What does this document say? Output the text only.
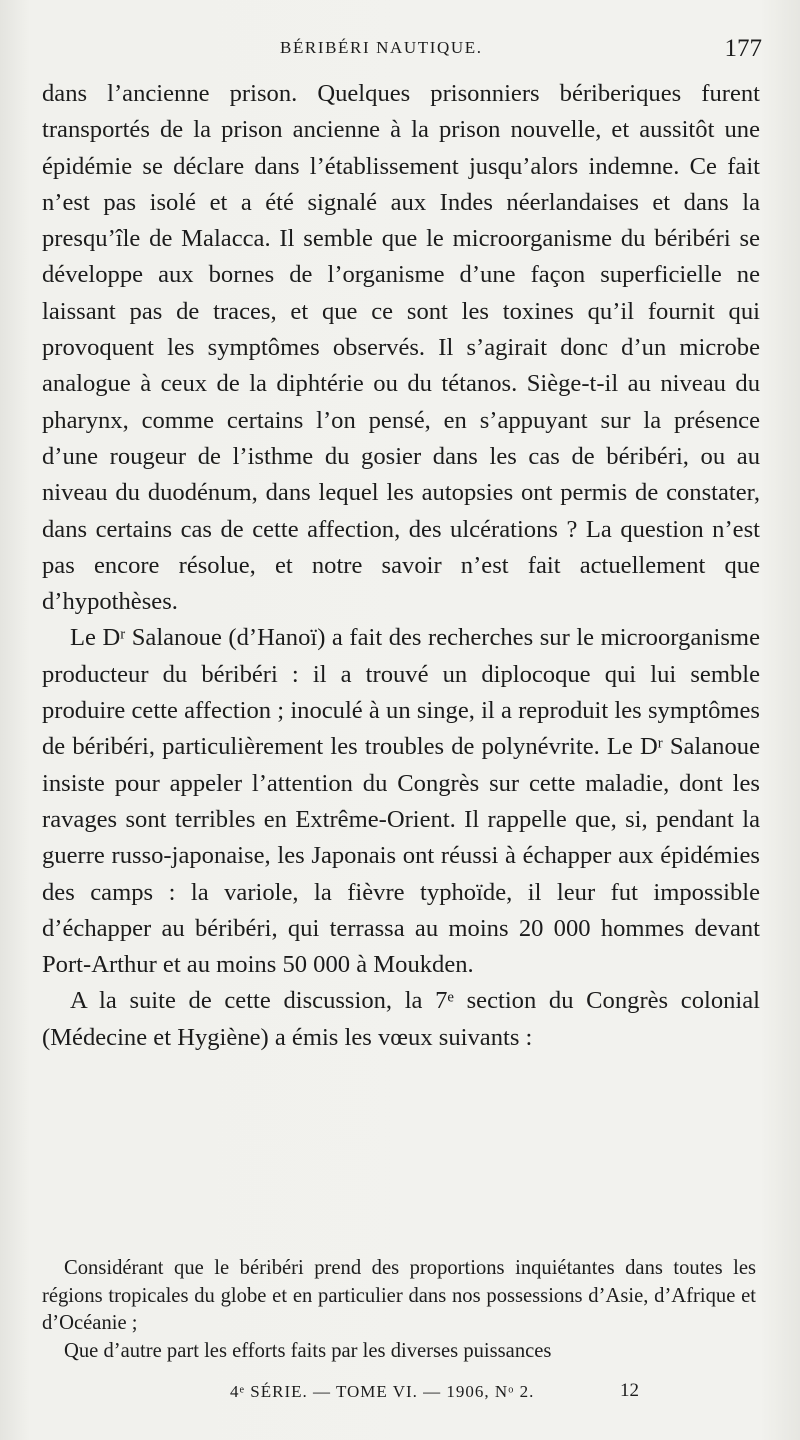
BÉRIBÉRI NAUTIQUE.	177

dans l’ancienne prison. Quelques prisonniers bériberiques furent transportés de la prison ancienne à la prison nouvelle, et aussitôt une épidémie se déclare dans l’établissement jusqu’alors indemne. Ce fait n’est pas isolé et a été signalé aux Indes néerlandaises et dans la presqu’île de Malacca. Il semble que le microorganisme du béribéri se développe aux bornes de l’organisme d’une façon superficielle ne laissant pas de traces, et que ce sont les toxines qu’il fournit qui provoquent les symptômes observés. Il s’agirait donc d’un microbe analogue à ceux de la diphtérie ou du tétanos. Siège-t-il au niveau du pharynx, comme certains l’on pensé, en s’appuyant sur la présence d’une rougeur de l’isthme du gosier dans les cas de béribéri, ou au niveau du duodénum, dans lequel les autopsies ont permis de constater, dans certains cas de cette affection, des ulcérations ? La question n’est pas encore résolue, et notre savoir n’est fait actuellement que d’hypothèses.

Le $D^r$ Salanoue (d’Hanoï) a fait des recherches sur le microorganisme producteur du béribéri : il a trouvé un diplocoque qui lui semble produire cette affection ; inoculé à un singe, il a reproduit les symptômes de béribéri, particulièrement les troubles de polynévrite. Le $D^r$ Salanoue insiste pour appeler l’attention du Congrès sur cette maladie, dont les ravages sont terribles en Extrême-Orient. Il rappelle que, si, pendant la guerre russo-japonaise, les Japonais ont réussi à échapper aux épidémies des camps : la variole, la fièvre typhoïde, il leur fut impossible d’échapper au béribéri, qui terrassa au moins 20 000 hommes devant Port-Arthur et au moins 50 000 à Moukden.

A la suite de cette discussion, la 7e section du Congrès colonial (Médecine et Hygiène) a émis les vœux suivants :

Considérant que le béribéri prend des proportions inquiétantes dans toutes les régions tropicales du globe et en particulier dans nos possessions d’Asie, d’Afrique et d’Océanie ;

Que d’autre part les efforts faits par les diverses puissances

4e SÉRIE. — TOME VI. — 1906, $N^o$ 2.	12
